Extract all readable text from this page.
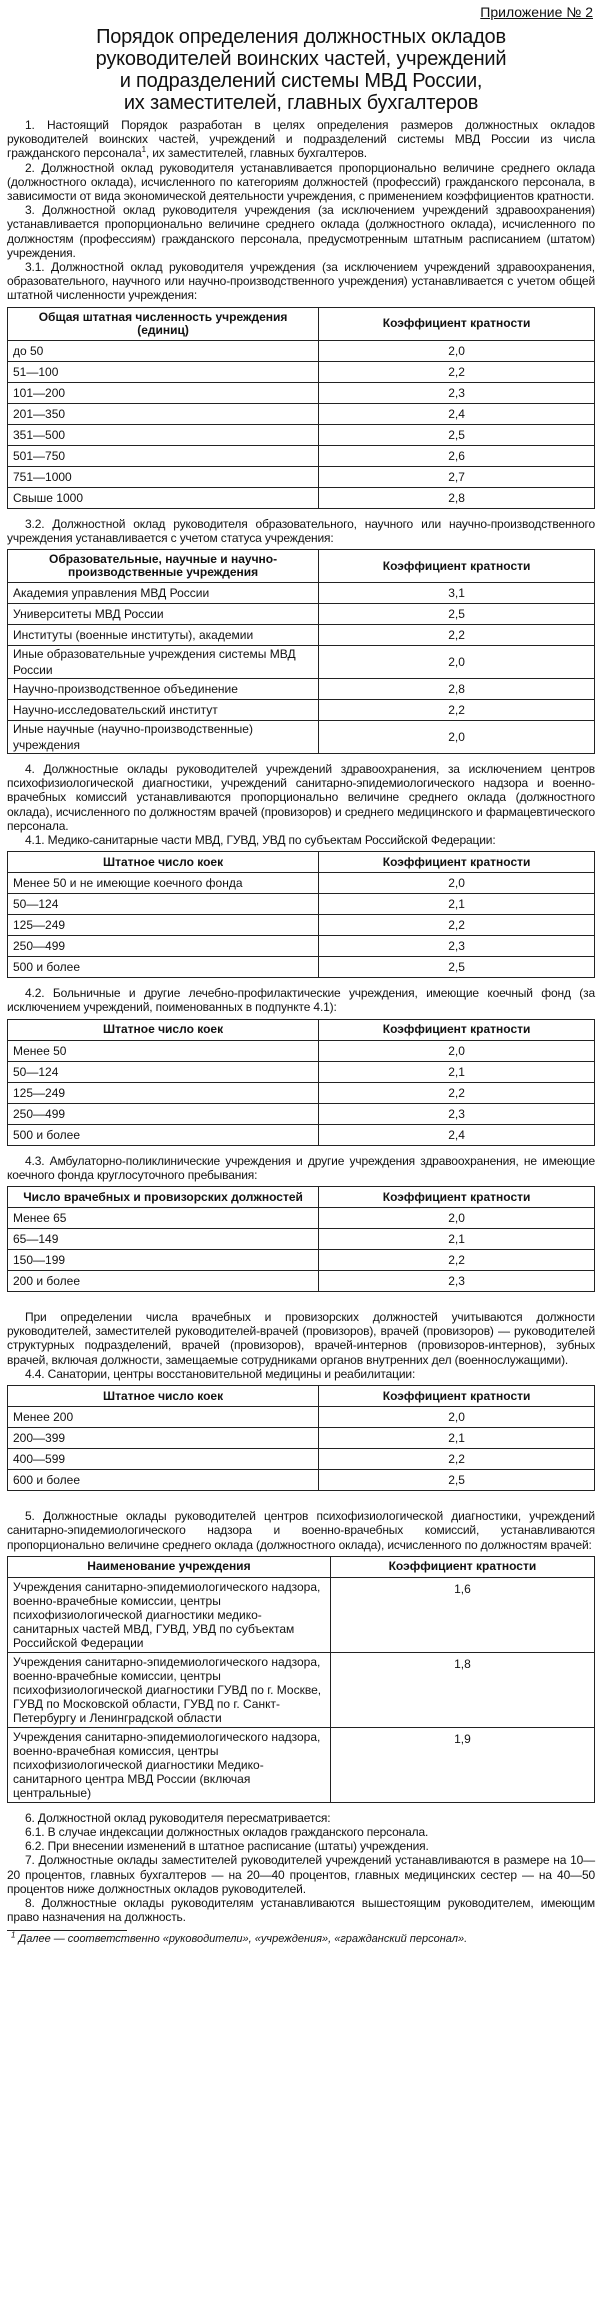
Приложение № 2
Порядок определения должностных окладов
руководителей воинских частей, учреждений
и подразделений системы МВД России,
их заместителей, главных бухгалтеров

1. Настоящий Порядок разработан в целях определения размеров должностных окладов руководителей воинских частей, учреждений и подразделений системы МВД России из числа гражданского персонала$^1$, их заместителей, главных бухгалтеров.

2. Должностной оклад руководителя устанавливается пропорционально величине среднего оклада (должностного оклада), исчисленного по категориям должностей (профессий) гражданского персонала, в зависимости от вида экономической деятельности учреждения, с применением коэффициентов кратности.

3. Должностной оклад руководителя учреждения (за исключением учреждений здравоохранения) устанавливается пропорционально величине среднего оклада (должностного оклада), исчисленного по должностям (профессиям) гражданского персонала, предусмотренным штатным расписанием (штатом) учреждения.

3.1. Должностной оклад руководителя учреждения (за исключением учреждений здравоохранения, образовательного, научного или научно-производственного учреждения) устанавливается с учетом общей штатной численности учреждения:

Общая штатная численность учреждения (единиц)	Коэффициент кратности
до 50	2,0
51—100	2,2
101—200	2,3
201—350	2,4
351—500	2,5
501—750	2,6
751—1000	2,7
Свыше 1000	2,8

3.2. Должностной оклад руководителя образовательного, научного или научно-производственного учреждения устанавливается с учетом статуса учреждения:

Образовательные, научные и научно-производственные учреждения	Коэффициент кратности
Академия управления МВД России	3,1
Университеты МВД России	2,5
Институты (военные институты), академии	2,2
Иные образовательные учреждения системы МВД России	2,0
Научно-производственное объединение	2,8
Научно-исследовательский институт	2,2
Иные научные (научно-производственные) учреждения	2,0

4. Должностные оклады руководителей учреждений здравоохранения, за исключением центров психофизиологической диагностики, учреждений санитарно-эпидемиологического надзора и военно-врачебных комиссий устанавливаются пропорционально величине среднего оклада (должностного оклада), исчисленного по должностям врачей (провизоров) и среднего медицинского и фармацевтического персонала.

4.1. Медико-санитарные части МВД, ГУВД, УВД по субъектам Российской Федерации:

Штатное число коек	Коэффициент кратности
Менее 50 и не имеющие коечного фонда	2,0
50—124	2,1
125—249	2,2
250—499	2,3
500 и более	2,5

4.2. Больничные и другие лечебно-профилактические учреждения, имеющие коечный фонд (за исключением учреждений, поименованных в подпункте 4.1):

Штатное число коек	Коэффициент кратности
Менее 50	2,0
50—124	2,1
125—249	2,2
250—499	2,3
500 и более	2,4

4.3. Амбулаторно-поликлинические учреждения и другие учреждения здравоохранения, не имеющие коечного фонда круглосуточного пребывания:

Число врачебных и провизорских должностей	Коэффициент кратности
Менее 65	2,0
65—149	2,1
150—199	2,2
200 и более	2,3

При определении числа врачебных и провизорских должностей учитываются должности руководителей, заместителей руководителей-врачей (провизоров), врачей (провизоров) — руководителей структурных подразделений, врачей (провизоров), врачей-интернов (провизоров-интернов), зубных врачей, включая должности, замещаемые сотрудниками органов внутренних дел (военнослужащими).

4.4. Санатории, центры восстановительной медицины и реабилитации:

Штатное число коек	Коэффициент кратности
Менее 200	2,0
200—399	2,1
400—599	2,2
600 и более	2,5

5. Должностные оклады руководителей центров психофизиологической диагностики, учреждений санитарно-эпидемиологического надзора и военно-врачебных комиссий, устанавливаются пропорционально величине среднего оклада (должностного оклада), исчисленного по должностям врачей:

Наименование учреждения	Коэффициент кратности
Учреждения санитарно-эпидемиологического надзора, военно-врачебные комиссии, центры психофизиологической диагностики медико-санитарных частей МВД, ГУВД, УВД по субъектам Российской Федерации	1,6
Учреждения санитарно-эпидемиологического надзора, военно-врачебные комиссии, центры психофизиологической диагностики ГУВД по г. Москве, ГУВД по Московской области, ГУВД по г. Санкт-Петербургу и Ленинградской области	1,8
Учреждения санитарно-эпидемиологического надзора, военно-врачебная комиссия, центры психофизиологической диагностики Медико-санитарного центра МВД России (включая центральные)	1,9

6. Должностной оклад руководителя пересматривается:

6.1. В случае индексации должностных окладов гражданского персонала.

6.2. При внесении изменений в штатное расписание (штаты) учреждения.

7. Должностные оклады заместителей руководителей учреждений устанавливаются в размере на 10—20 процентов, главных бухгалтеров — на 20—40 процентов, главных медицинских сестер — на 40—50 процентов ниже должностных окладов руководителей.

8. Должностные оклады руководителям устанавливаются вышестоящим руководителем, имеющим право назначения на должность.

$^1$ Далее — соответственно «руководители», «учреждения», «гражданский персонал».
